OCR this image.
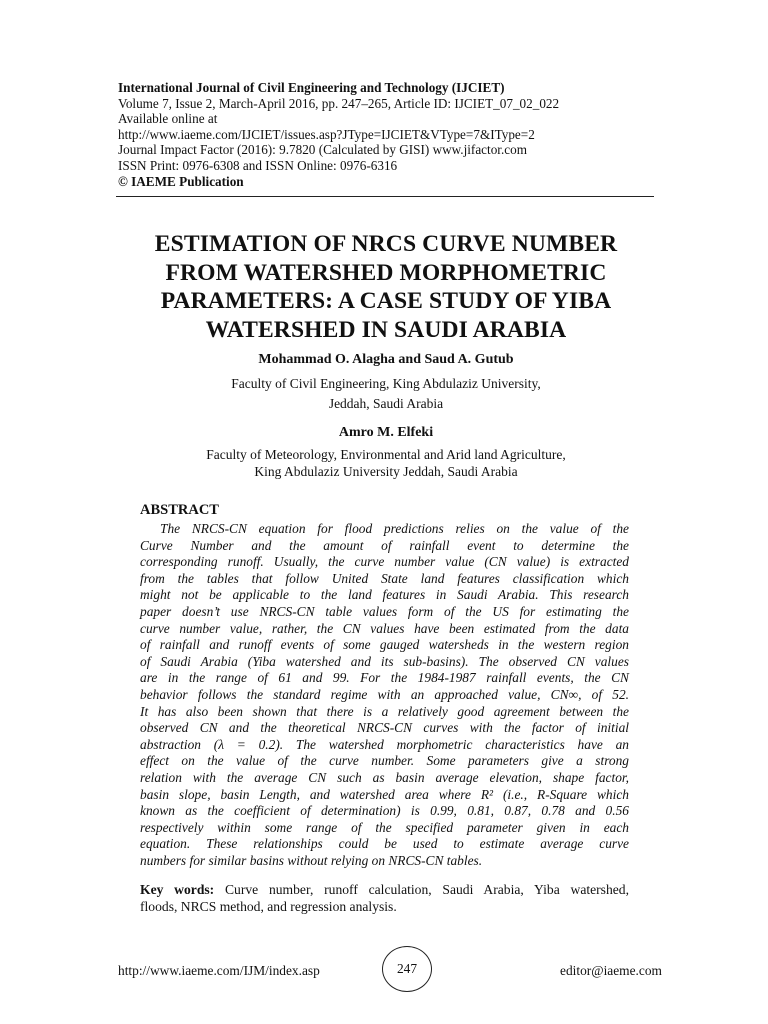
International Journal of Civil Engineering and Technology (IJCIET)
Volume 7, Issue 2, March-April 2016, pp. 247–265, Article ID: IJCIET_07_02_022
Available online at
http://www.iaeme.com/IJCIET/issues.asp?JType=IJCIET&VType=7&IType=2
Journal Impact Factor (2016): 9.7820 (Calculated by GISI) www.jifactor.com
ISSN Print: 0976-6308 and ISSN Online: 0976-6316
© IAEME Publication
ESTIMATION OF NRCS CURVE NUMBER
FROM WATERSHED MORPHOMETRIC
PARAMETERS: A CASE STUDY OF YIBA
WATERSHED IN SAUDI ARABIA
Mohammad O. Alagha and Saud A. Gutub
Faculty of Civil Engineering, King Abdulaziz University,
Jeddah, Saudi Arabia
Amro M. Elfeki
Faculty of Meteorology, Environmental and Arid land Agriculture,
King Abdulaziz University Jeddah, Saudi Arabia
ABSTRACT
The NRCS-CN equation for flood predictions relies on the value of the
Curve Number and the amount of rainfall event to determine the
corresponding runoff. Usually, the curve number value (CN value) is extracted
from the tables that follow United State land features classification which
might not be applicable to the land features in Saudi Arabia. This research
paper doesn’t use NRCS-CN table values form of the US for estimating the
curve number value, rather, the CN values have been estimated from the data
of rainfall and runoff events of some gauged watersheds in the western region
of Saudi Arabia (Yiba watershed and its sub-basins). The observed CN values
are in the range of 61 and 99. For the 1984-1987 rainfall events, the CN
behavior follows the standard regime with an approached value, CN∞, of 52.
It has also been shown that there is a relatively good agreement between the
observed CN and the theoretical NRCS-CN curves with the factor of initial
abstraction (λ = 0.2). The watershed morphometric characteristics have an
effect on the value of the curve number. Some parameters give a strong
relation with the average CN such as basin average elevation, shape factor,
basin slope, basin Length, and watershed area where R² (i.e., R-Square which
known as the coefficient of determination) is 0.99, 0.81, 0.87, 0.78 and 0.56
respectively within some range of the specified parameter given in each
equation. These relationships could be used to estimate average curve
numbers for similar basins without relying on NRCS-CN tables.
Key words: Curve number, runoff calculation, Saudi Arabia, Yiba watershed,
floods, NRCS method, and regression analysis.
http://www.iaeme.com/IJM/index.asp	247	editor@iaeme.com
